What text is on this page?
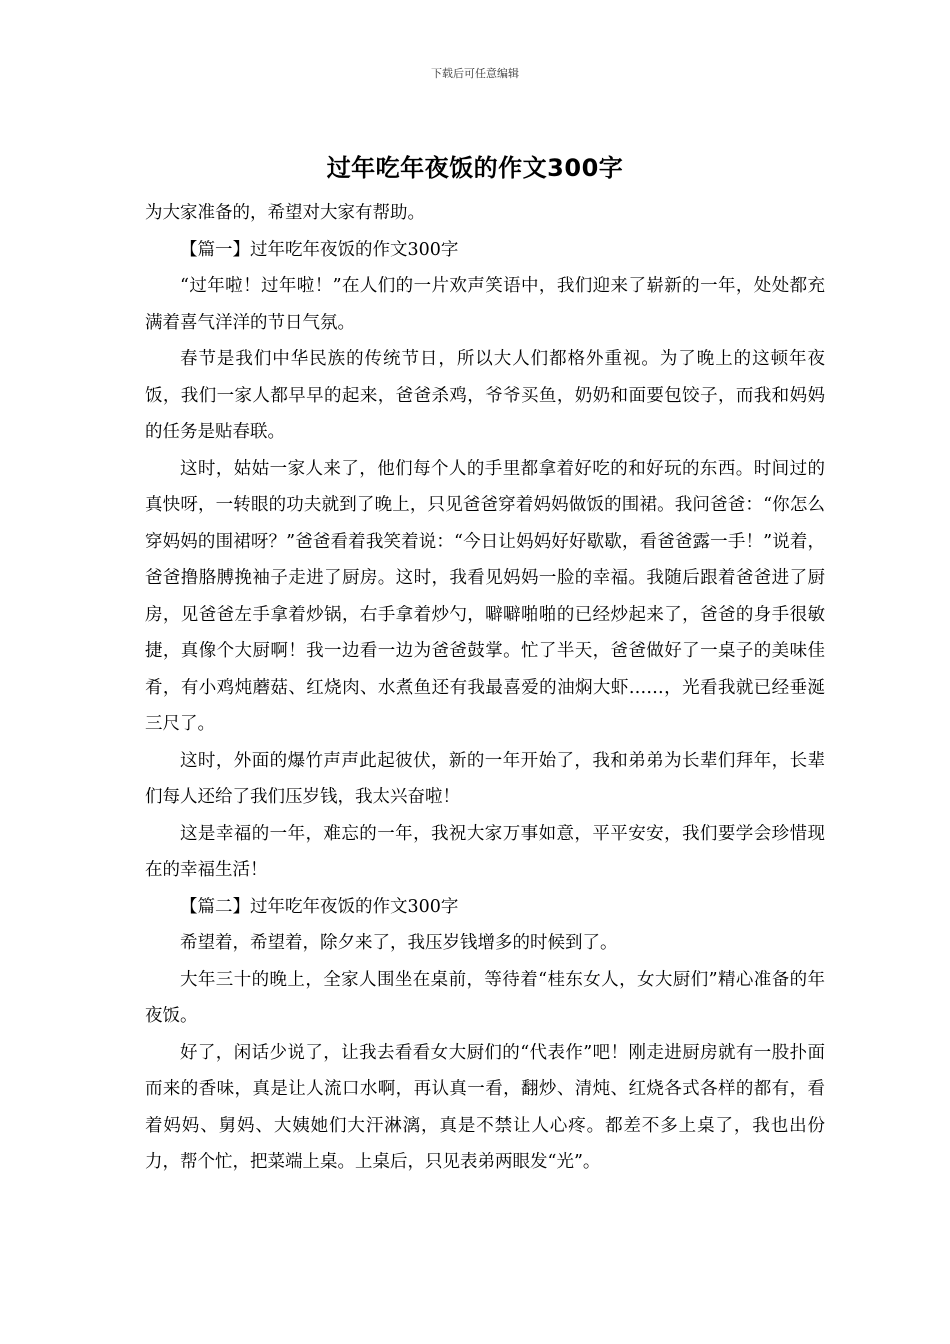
下载后可任意编辑
过年吃年夜饭的作文300字

为大家准备的，希望对大家有帮助。

【篇一】过年吃年夜饭的作文300字

“过年啦！过年啦！”在人们的一片欢声笑语中，我们迎来了崭新的一年，处处都充满着喜气洋洋的节日气氛。

春节是我们中华民族的传统节日，所以大人们都格外重视。为了晚上的这顿年夜饭，我们一家人都早早的起来，爸爸杀鸡，爷爷买鱼，奶奶和面要包饺子，而我和妈妈的任务是贴春联。

这时，姑姑一家人来了，他们每个人的手里都拿着好吃的和好玩的东西。时间过的真快呀，一转眼的功夫就到了晚上，只见爸爸穿着妈妈做饭的围裙。我问爸爸：“你怎么穿妈妈的围裙呀？”爸爸看着我笑着说：“今日让妈妈好好歇歇，看爸爸露一手！”说着，爸爸撸胳膊挽袖子走进了厨房。这时，我看见妈妈一脸的幸福。我随后跟着爸爸进了厨房，见爸爸左手拿着炒锅，右手拿着炒勺，噼噼啪啪的已经炒起来了，爸爸的身手很敏捷，真像个大厨啊！我一边看一边为爸爸鼓掌。忙了半天，爸爸做好了一桌子的美味佳肴，有小鸡炖蘑菇、红烧肉、水煮鱼还有我最喜爱的油焖大虾……，光看我就已经垂涎三尺了。

这时，外面的爆竹声声此起彼伏，新的一年开始了，我和弟弟为长辈们拜年，长辈们每人还给了我们压岁钱，我太兴奋啦！

这是幸福的一年，难忘的一年，我祝大家万事如意，平平安安，我们要学会珍惜现在的幸福生活！

【篇二】过年吃年夜饭的作文300字

希望着，希望着，除夕来了，我压岁钱增多的时候到了。

大年三十的晚上，全家人围坐在桌前，等待着“桂东女人，女大厨们”精心准备的年夜饭。

好了，闲话少说了，让我去看看女大厨们的“代表作”吧！刚走进厨房就有一股扑面而来的香味，真是让人流口水啊，再认真一看，翻炒、清炖、红烧各式各样的都有，看着妈妈、舅妈、大姨她们大汗淋漓，真是不禁让人心疼。都差不多上桌了，我也出份力，帮个忙，把菜端上桌。上桌后，只见表弟两眼发“光”。
